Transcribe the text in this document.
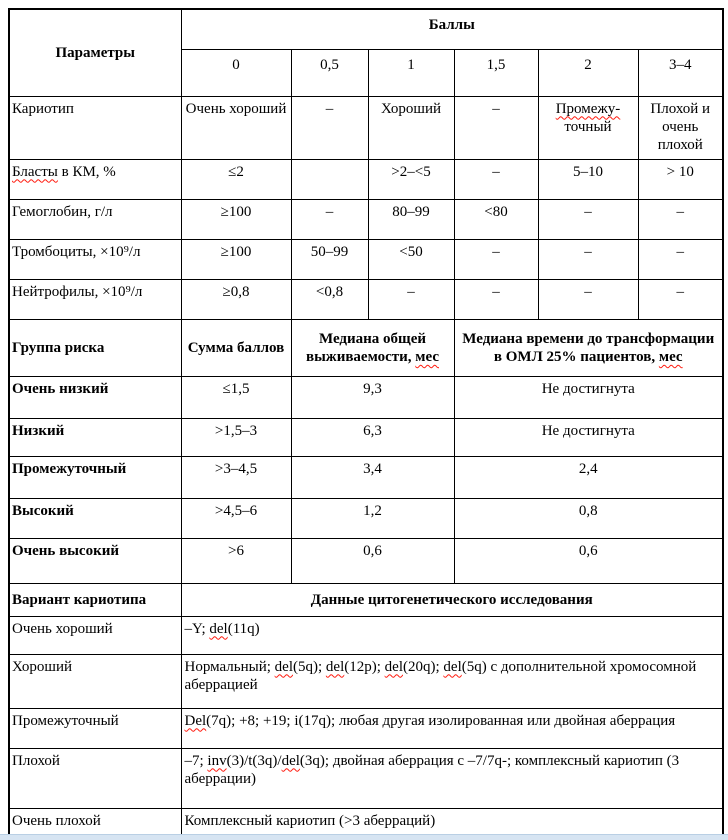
Параметры	Баллы					
	0	0,5	1	1,5	2	3–4
Кариотип	Очень хороший	–	Хороший	–	Промежу-точный	Плохой и очень плохой
Бласты в КМ, %	≤2		>2–<5	–	5–10	> 10
Гемоглобин, г/л	≥100	–	80–99	<80	–	–
Тромбоциты, ×10⁹/л	≥100	50–99	<50	–	–	–
Нейтрофилы, ×10⁹/л	≥0,8	<0,8	–	–	–	–
Группа риска	Сумма баллов	Медиана общей выживаемости, мес		Медиана времени до трансформации в ОМЛ 25% пациентов, мес		
Очень низкий	≤1,5	9,3		Не достигнута		
Низкий	>1,5–3	6,3		Не достигнута		
Промежуточный	>3–4,5	3,4		2,4		
Высокий	>4,5–6	1,2		0,8		
Очень высокий	>6	0,6		0,6		
Вариант кариотипа	Данные цитогенетического исследования					
Очень хороший	–Y; del(11q)					
Хороший	Нормальный; del(5q); del(12p); del(20q); del(5q) с дополнительной хромосомной аберрацией					
Промежуточный	Del(7q); +8; +19; i(17q); любая другая изолированная или двойная аберрация					
Плохой	–7; inv(3)/t(3q)/del(3q); двойная аберрация с –7/7q-; комплексный кариотип (3 аберрации)					
Очень плохой	Комплексный кариотип (>3 аберраций)					
